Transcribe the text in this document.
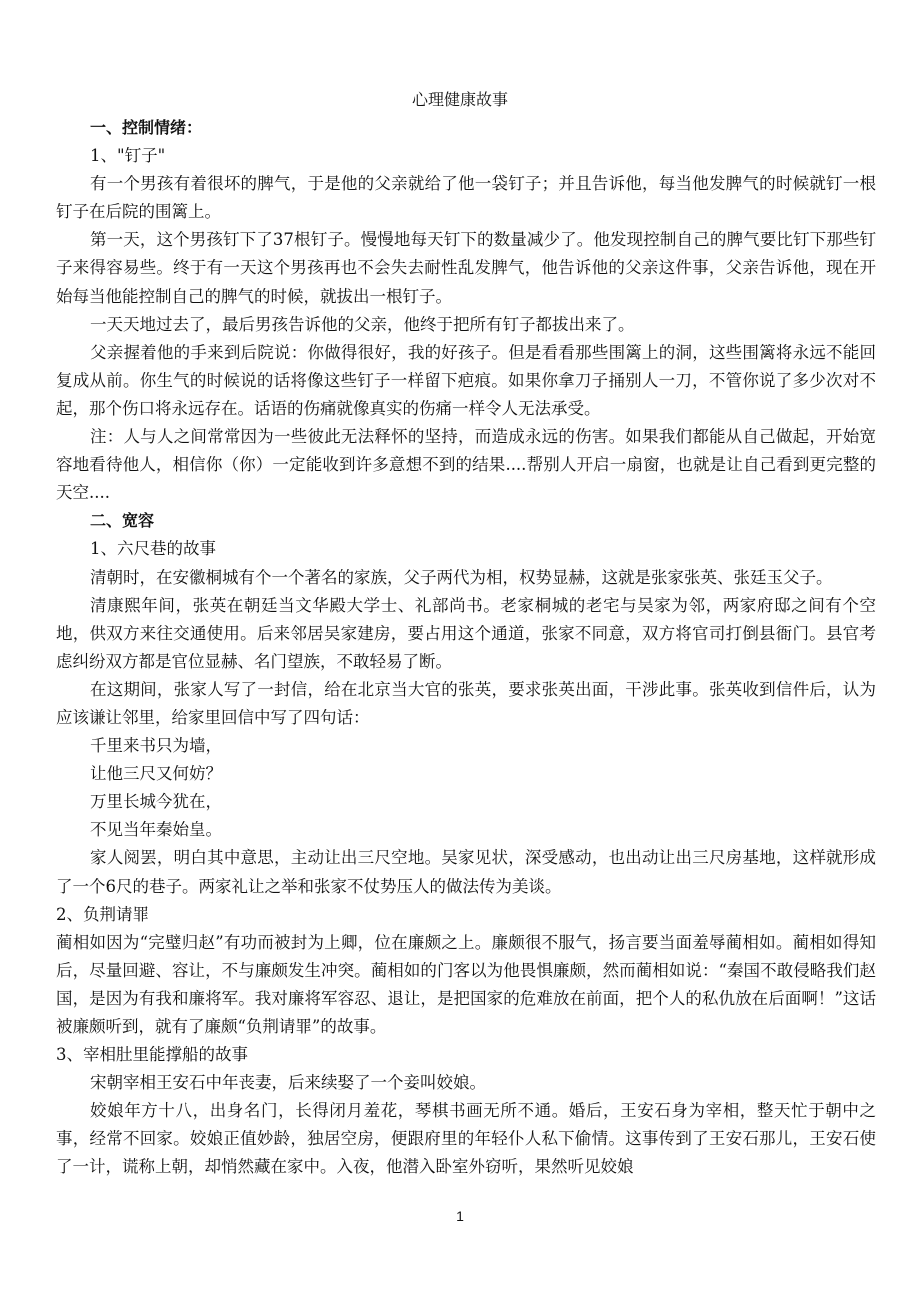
心理健康故事

一、控制情绪：

1、"钉子"

有一个男孩有着很坏的脾气，于是他的父亲就给了他一袋钉子；并且告诉他，每当他发脾气的时候就钉一根钉子在后院的围篱上。

第一天，这个男孩钉下了37根钉子。慢慢地每天钉下的数量减少了。他发现控制自己的脾气要比钉下那些钉子来得容易些。终于有一天这个男孩再也不会失去耐性乱发脾气，他告诉他的父亲这件事，父亲告诉他，现在开始每当他能控制自己的脾气的时候，就拔出一根钉子。

一天天地过去了，最后男孩告诉他的父亲，他终于把所有钉子都拔出来了。

父亲握着他的手来到后院说：你做得很好，我的好孩子。但是看看那些围篱上的洞，这些围篱将永远不能回复成从前。你生气的时候说的话将像这些钉子一样留下疤痕。如果你拿刀子捅别人一刀，不管你说了多少次对不起，那个伤口将永远存在。话语的伤痛就像真实的伤痛一样令人无法承受。

注：人与人之间常常因为一些彼此无法释怀的坚持，而造成永远的伤害。如果我们都能从自己做起，开始宽容地看待他人，相信你（你）一定能收到许多意想不到的结果....帮别人开启一扇窗，也就是让自己看到更完整的天空....

二、宽容

1、六尺巷的故事

清朝时，在安徽桐城有个一个著名的家族，父子两代为相，权势显赫，这就是张家张英、张廷玉父子。

清康熙年间，张英在朝廷当文华殿大学士、礼部尚书。老家桐城的老宅与吴家为邻，两家府邸之间有个空地，供双方来往交通使用。后来邻居吴家建房，要占用这个通道，张家不同意，双方将官司打倒县衙门。县官考虑纠纷双方都是官位显赫、名门望族，不敢轻易了断。

在这期间，张家人写了一封信，给在北京当大官的张英，要求张英出面，干涉此事。张英收到信件后，认为应该谦让邻里，给家里回信中写了四句话：

千里来书只为墙，

让他三尺又何妨？

万里长城今犹在，

不见当年秦始皇。

家人阅罢，明白其中意思，主动让出三尺空地。吴家见状，深受感动，也出动让出三尺房基地，这样就形成了一个6尺的巷子。两家礼让之举和张家不仗势压人的做法传为美谈。

2、负荆请罪

蔺相如因为“完璧归赵”有功而被封为上卿，位在廉颇之上。廉颇很不服气，扬言要当面羞辱蔺相如。蔺相如得知后，尽量回避、容让，不与廉颇发生冲突。蔺相如的门客以为他畏惧廉颇，然而蔺相如说：“秦国不敢侵略我们赵国，是因为有我和廉将军。我对廉将军容忍、退让，是把国家的危难放在前面，把个人的私仇放在后面啊！”这话被廉颇听到，就有了廉颇“负荆请罪”的故事。

3、宰相肚里能撑船的故事

宋朝宰相王安石中年丧妻，后来续娶了一个妾叫姣娘。

姣娘年方十八，出身名门，长得闭月羞花，琴棋书画无所不通。婚后，王安石身为宰相，整天忙于朝中之事，经常不回家。姣娘正值妙龄，独居空房，便跟府里的年轻仆人私下偷情。这事传到了王安石那儿，王安石使了一计，谎称上朝，却悄然藏在家中。入夜，他潜入卧室外窃听，果然听见姣娘

1
